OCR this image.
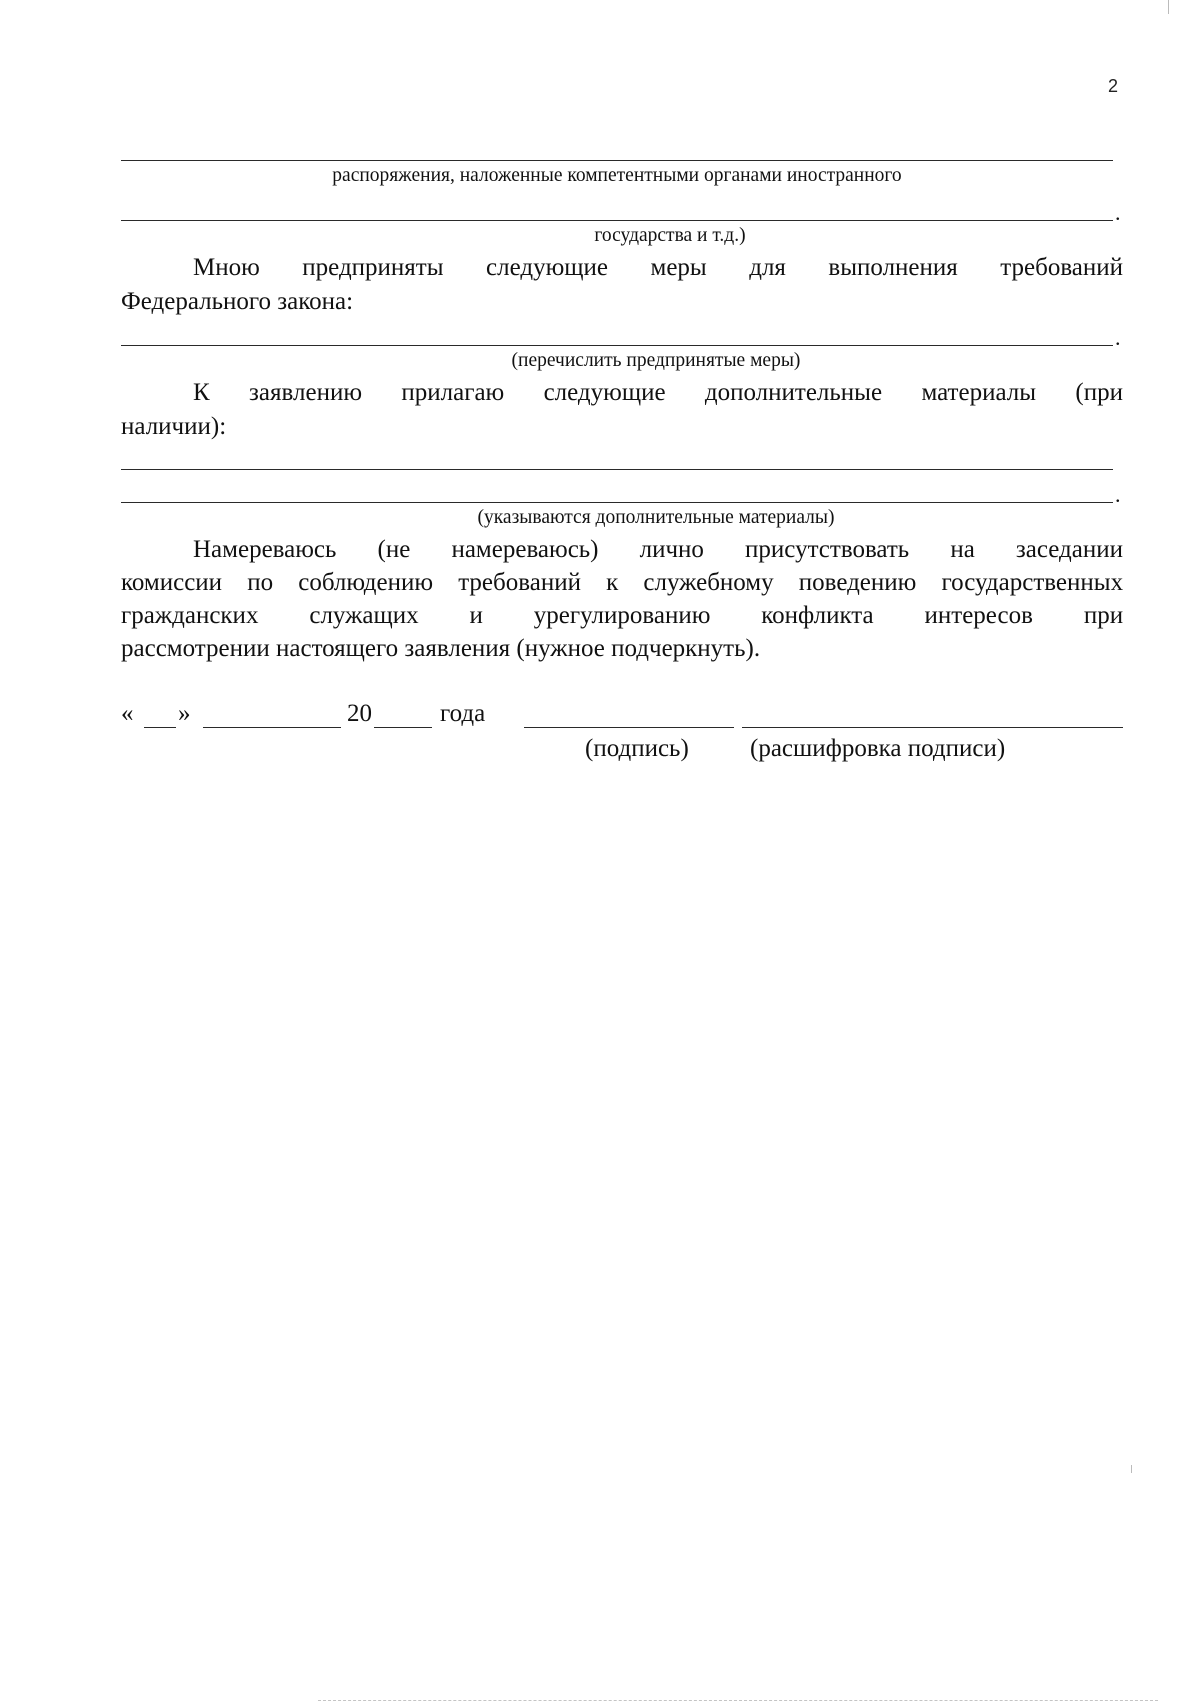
2
распоряжения, наложенные компетентными органами иностранного
.
государства и т.д.)
Мною предприняты следующие меры для выполнения требований
Федерального закона:
.
(перечислить предпринятые меры)
К заявлению прилагаю следующие дополнительные материалы (при
наличии):
.
(указываются дополнительные материалы)
Намереваюсь (не намереваюсь) лично присутствовать на заседании
комиссии по соблюдению требований к служебному поведению государственных
гражданских служащих и урегулированию конфликта интересов при
рассмотрении настоящего заявления (нужное подчеркнуть).
« »	20	года
(подпись) (расшифровка подписи)
